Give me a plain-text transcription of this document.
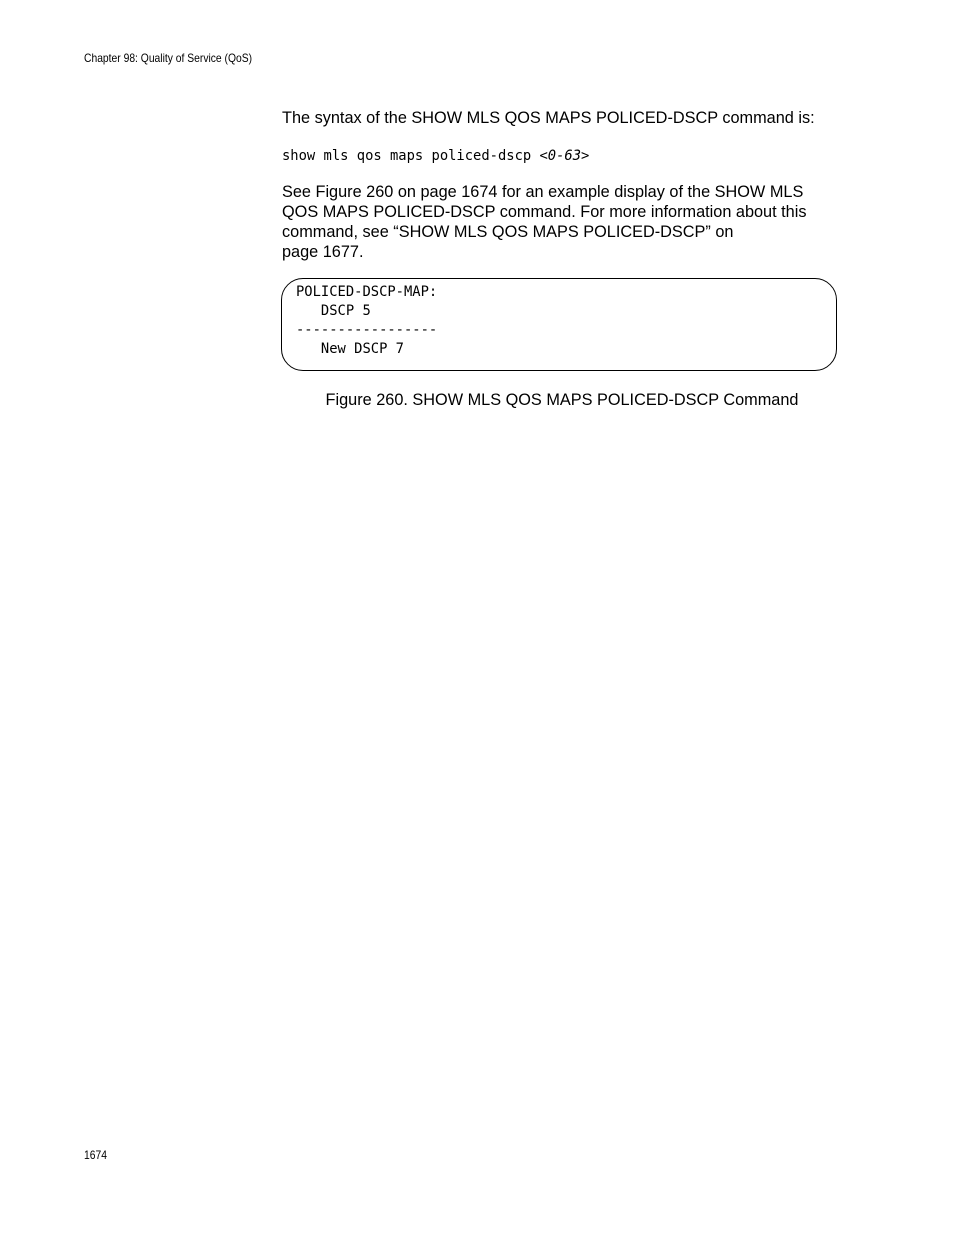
Chapter 98: Quality of Service (QoS)

The syntax of the SHOW MLS QOS MAPS POLICED-DSCP command is:

show mls qos maps policed-dscp <0-63>

See Figure 260 on page 1674 for an example display of the SHOW MLS
QOS MAPS POLICED-DSCP command. For more information about this
command, see “SHOW MLS QOS MAPS POLICED-DSCP” on
page 1677.

POLICED-DSCP-MAP:
DSCP 5
-----------------
New DSCP 7
Figure 260. SHOW MLS QOS MAPS POLICED-DSCP Command
1674
